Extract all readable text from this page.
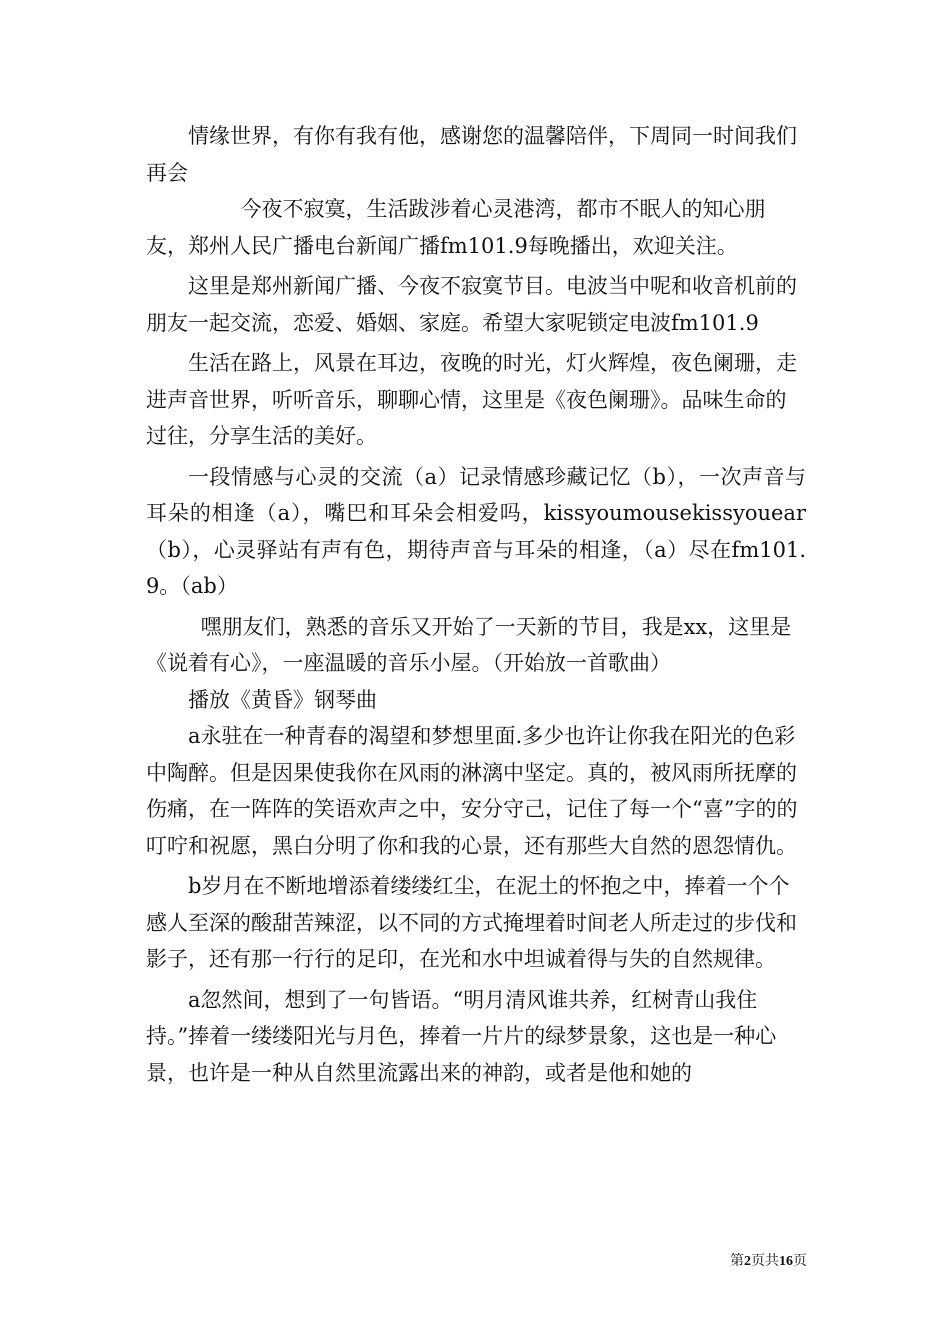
情缘世界，有你有我有他，感谢您的温馨陪伴，下周同一时间我们再会

今夜不寂寞，生活跋涉着心灵港湾，都市不眠人的知心朋友，郑州人民广播电台新闻广播fm101.9每晚播出，欢迎关注。

这里是郑州新闻广播、今夜不寂寞节目。电波当中呢和收音机前的朋友一起交流，恋爱、婚姻、家庭。希望大家呢锁定电波fm101.9

生活在路上，风景在耳边，夜晚的时光，灯火辉煌，夜色阑珊，走进声音世界，听听音乐，聊聊心情，这里是《夜色阑珊》。品味生命的过往，分享生活的美好。

一段情感与心灵的交流（a）记录情感珍藏记忆（b），一次声音与耳朵的相逢（a），嘴巴和耳朵会相爱吗，kissyoumousekissyouear（b），心灵驿站有声有色，期待声音与耳朵的相逢，（a）尽在fm101.9。（ab）

嘿朋友们，熟悉的音乐又开始了一天新的节目，我是xx，这里是《说着有心》，一座温暖的音乐小屋。（开始放一首歌曲）

播放《黄昏》钢琴曲

a永驻在一种青春的渴望和梦想里面.多少也许让你我在阳光的色彩中陶醉。但是因果使我你在风雨的淋漓中坚定。真的，被风雨所抚摩的伤痛，在一阵阵的笑语欢声之中，安分守己，记住了每一个“喜”字的的叮咛和祝愿，黑白分明了你和我的心景，还有那些大自然的恩怨情仇。

b岁月在不断地增添着缕缕红尘，在泥土的怀抱之中，捧着一个个感人至深的酸甜苦辣涩，以不同的方式掩埋着时间老人所走过的步伐和影子，还有那一行行的足印，在光和水中坦诚着得与失的自然规律。

a忽然间，想到了一句皆语。“明月清风谁共养，红树青山我住持。”捧着一缕缕阳光与月色，捧着一片片的绿梦景象，这也是一种心景，也许是一种从自然里流露出来的神韵，或者是他和她的

第2页共16页
